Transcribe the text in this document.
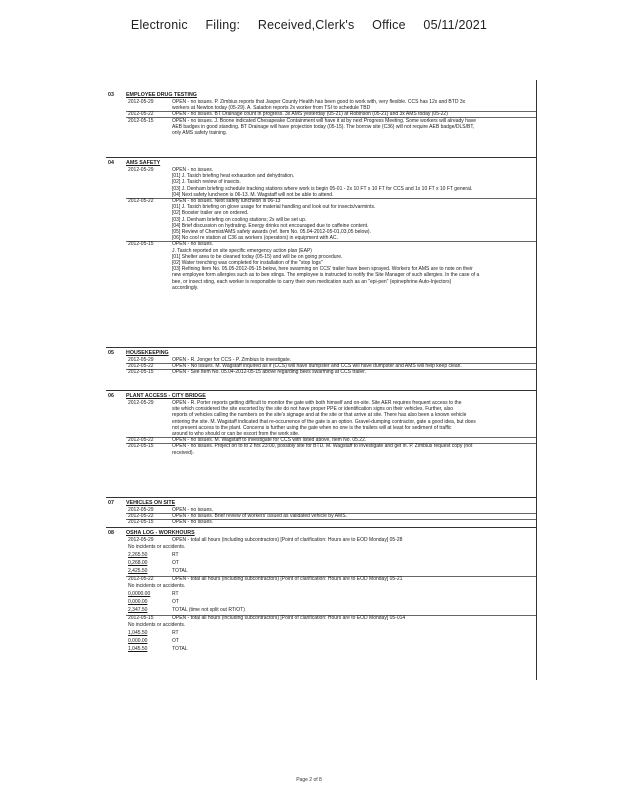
Electronic Filing: Received,Clerk's Office 05/11/2021
03 EMPLOYEE DRUG TESTING
2012-05-29	OPEN - no issues. P. Zimbius reports that Jasper County Health has been good to work with, very flexible. CCS has 12x and BTD 3x
workers at Newton today (05-29). A. Saladon reports 2x worker from TSI to schedule TBD
2012-05-22	OPEN - no issues. BT Drainage count in progress. 3x AMS yesterday (05-21) at Robinson (05-21) and 3x AMS today (05-22)
2012-05-15	OPEN - no issues. J. Boone indicated Chesapeake Containment will have it at by next Progress Meeting. Some workers will already have
AEB badges in good standing. BT Drainage will have projection today (05-15). The borrow site (C36) will not require AEB badge/DLS/BT,
only AMS safety training.
04 AMS SAFETY
2012-05-29	OPEN - no issues.
[01] J. Tasich briefing heat exhaustion and dehydration.
[02] J. Tasich review of insects.
[03] J. Denham briefing schedule tracking stations where work is begin 05-01 - 2x 10 FT x 10 FT for CCS and 1x 10 FT x 10 FT general.
[04] Next safety luncheon is 06-13. M. Wagstaff will not be able to attend.
2012-05-22	OPEN - no issues. Next safety luncheon is 06-13
[01] J. Tasich briefing on glove usage for material handling and look out for insects/varmints.
[02] Booster trailer are on ordered.
[03] J. Denham briefing on cooling stations; 2x will be set up.
[04] Brief discussion on hydrating. Energy drinks not encouraged due to caffeine content.
[05] Review of Chemist/AMS safety awards (ref. Item No. 05.04-2012-05-01,03,05 below).
[06] No cool re station at C36 as workers (operators) in equipment with AC.
2012-05-15	OPEN - no issues.
J. Tasich reported on site specific emergency action plan (EAP)
[01] Shelter area to be cleaned today (05-15) and will be on going procedure.
[02] Water trenching was completed for installation of the "stop logs"
[03] Refining Item No. 05.05-2012-05-15 below, here swarming on CCS' trailer have been sprayed. Workers for AMS are to note on their
new employee form allergies such as to bee stings. The employee is instructed to notify the Site Manager of such allergies. In the case of a
bee, or insect sting, each worker is responsible to carry their own medication such as an "epi-pen" (epinephrine Auto-Injectors)
accordingly.
05 HOUSEKEEPING
2012-05-29	OPEN - R. Jonger for CCS - P. Zimbius to investigate.
2012-05-22	OPEN - No issues. M. Wagstaff inquired as if (CCS) will have dumpster and CCS will have dumpster and AMS will help keep clean.
2012-05-15	OPEN - See Item No. 05.04-2012-05-15 above regarding bees swarming at CCS trailer.
06 PLANT ACCESS - CITY BRIDGE
2012-05-29	OPEN - R. Porter reports getting difficult to monitor the gate with both himself and on-site. Site AER requires frequent access to the
site which considered the site escorted by the site do not have proper PPE or identification signs on their vehicles. Further, also
reports of vehicles calling the numbers on the site's signage and at the site or that arrive at site. There has also been a known vehicle
entering the site. M. Wagstaff indicated that re-occurrence of the gate is an option. Gravel-dumping contractor, gate a good idea, but does
not present access to the plant. Concerns is further using the gate when no one is the trailers will at least for sediment of traffic
around to who should or can be escort from the work site.
2012-05-22	OPEN - no issues. M. Wagstaff to investigate for CCS with listed above, Item No. 05.22.
2012-05-15	OPEN - no issues. Project on to to 2 hrs 23:00, possibly site for BTD. M. Wagstaff to investigate and get in. P. Zimbius request copy (not
received).
07 VEHICLES ON SITE
2012-05-29	OPEN - no issues.
2012-05-22	OPEN - no issues. Brief review of workers' issued as validated vehicle by AMS.
2012-05-15	OPEN - no issues.
08 OSHA LOG - WORKHOURS
2012-05-29	OPEN - total all hours (including subcontractors) [Point of clarification: Hours are to EOD Monday] 05-28
No incidents or accidents.
2,265.50	RT
0,268.00	OT
2,425.50	TOTAL
2012-05-22	OPEN - total all hours (including subcontractors) [Point of clarification: Hours are to EOD Monday] 05-21
No incidents or accidents.
0,0000.00	RT
0,000.00	OT
2,347.50	TOTAL (time not split out RT/OT)
2012-05-15	OPEN - total all hours (including subcontractors) [Point of clarification: Hours are to EOD Monday] 05-014
No incidents or accidents.
1,045.50	RT
0,000.00	OT
1,045.50	TOTAL
Page 2 of 8
